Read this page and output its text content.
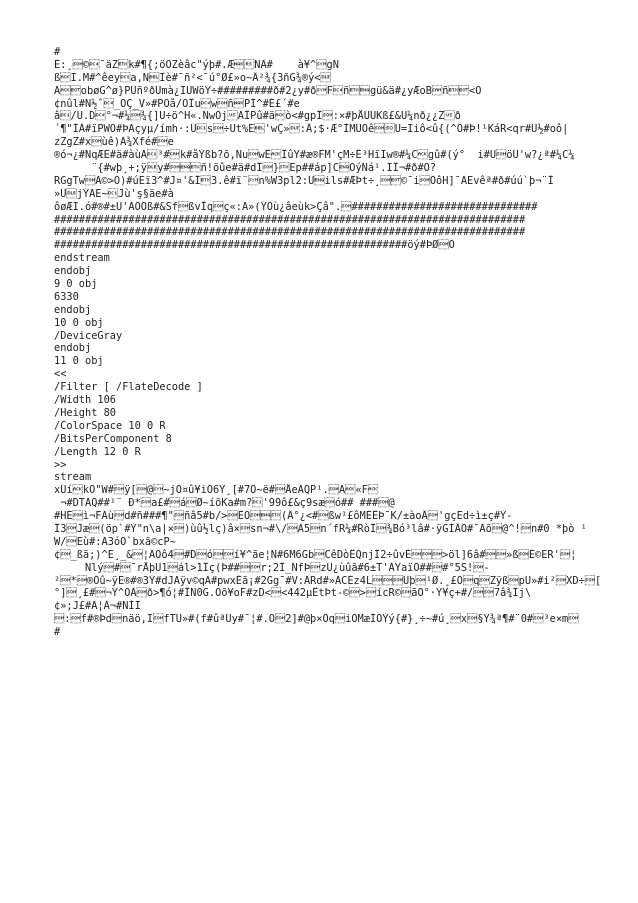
#
É:¸©¯äZk#¶{;öÕZèâc"ýþ#.ÆNÄ#    à¥^gÑ
ßI.M#^êeya,NÏè#¯ñ²<¯ú°Ø£»o~Â²¾{3ñG¾®ý<
ÃobøG^ø}PÛñºðÛmà¿ÏÜWöÝ÷#########ð#2¿y#ðFñgü&ä#¿yÆoBñ<O
¢nûl#N½ˆ_OÇ_V»#POå/ÕÎuwñPÍ^#É£´#e
â/Ü.D°¬#¼¾{]U÷ö^H«.ÑwÓjÃÎPû#äò<#gpÎ:×#þÅÚÛKß£&Ù¼nð¿¿Zð
´¶"ÍÁ#ïPWÕ#ÞAçyµ/ímh·:Ús÷Ut%E'wÇ»:Â;$·Æ°ÌMÛÖêÜ=Iiô<û{(^Ô#Þ!¹KáR<qr#Ü½#oô|
zZgZ#xùê)Ã¾Xfé#e
®ó¬¿#NqÆE#ä#àùA³#k#åÝßb?õ,NuwÊÎûY#æ®FM'çM÷Ê³HïIw®#¼Cgû#(ý°  i#ÜöÜ'w?¿ª#¼C¼
¨{#wþ¸+;ÿy#ñ!öûe#ä#dÎ}Ep##áp]CÕýNá¹.IÎ¬#ð#Ö?
RGgTwÃ©>Ó)#úEï3^#J¤'&Î3.ê#ï¨n%W3pl2:Üils#ÆÞt÷¸©¯iÔôH]¯ÃEvêª#ð#úú`þ¬¨Î
»ÜjÝÃE~Jù'ş§äe#à
ôøÆI.ó#®#±Ú'ÃÖÕß#&SfßvÎqç«:Ã»(ÝÖù¿âeùk>Çâ".##############################
############################################################################
############################################################################
#########################################################öý#ÞØÖ
endstream
endobj
9 0 obj
6330
endobj
10 0 obj
/DeviceGray
endobj
11 0 obj
<<
/Filter [ /FlateDecode ]
/Width 106
/Height 80
/ColorSpace 10 0 R
/BitsPerComponent 8
/Length 12 0 R
>>
stream
xÚíkO"W#ÿ[@~jÒ¤û¥iÓ6Ý¸[#7Ö~ë#ÅeÃQP¹.A«F
¬#DTÄQ##¹¨ Ð*a£#áØ~íõKa#m?'99ô£&ç9sæó## ###@
#HÈì¬FÄùd#ñ###¶"ñâ5#b/>ÈÖ(Â°¿<#ßw¹£ôMÉÊÞ¯K/±àoÂ'gçEd÷ì±ç#Ý-
Î3Jæ(öp`#Ý"n\a|×)ùû½lç)â×sn¬#\/Ä5n´fR¼#RòÎ¾Bó³lâ#·ÿGÍÂÖ#¯Áõ@^!n#0 *þò ¹
W/Eù#:Ã3óÕ`bxã©cP~
¢_ßã;)^E¸_&¦ÄÖô4#Dóí¥^ãe¦N#6M6GbCêDòÊQnjÎ2÷ûvÈ>öl]6â#»ßÈ©ER'¦
Nlý#¯rÅþU1ál>1Îç(Þ##r;2Î_ÑfÞzÙ¿ùûã#6±T'ÄYaïÔ###°5S!-
²*®Óû~ÿE®#®3Ý#dJAÿv©qÃ#pwxÊã¡#2Gg¯#V:ÄRd#»ÄCÉz4LÜþ¹Ø.¸£ÖqZÿßpU»#i²XD÷[
°]¸£#¬Ý^ÕÄð>¶ó¦#ÎÑ0G.Öõ¥oF#zD<<442µÊtÞt-©>ícR©ãO°·Ý¥ç+#/7â¾Ïj\
¢»;J£#Ä¦Ä¬#ÑÌÏ
:f#®Þdnäö,IfTÛ»#(f#ûªÜy#¯¦#.O2]#@þ×ÖqiÕMæÏÖÝý{#}¸÷~#ú¸x§Ý¾ª¶#¨0#³e×m
#
